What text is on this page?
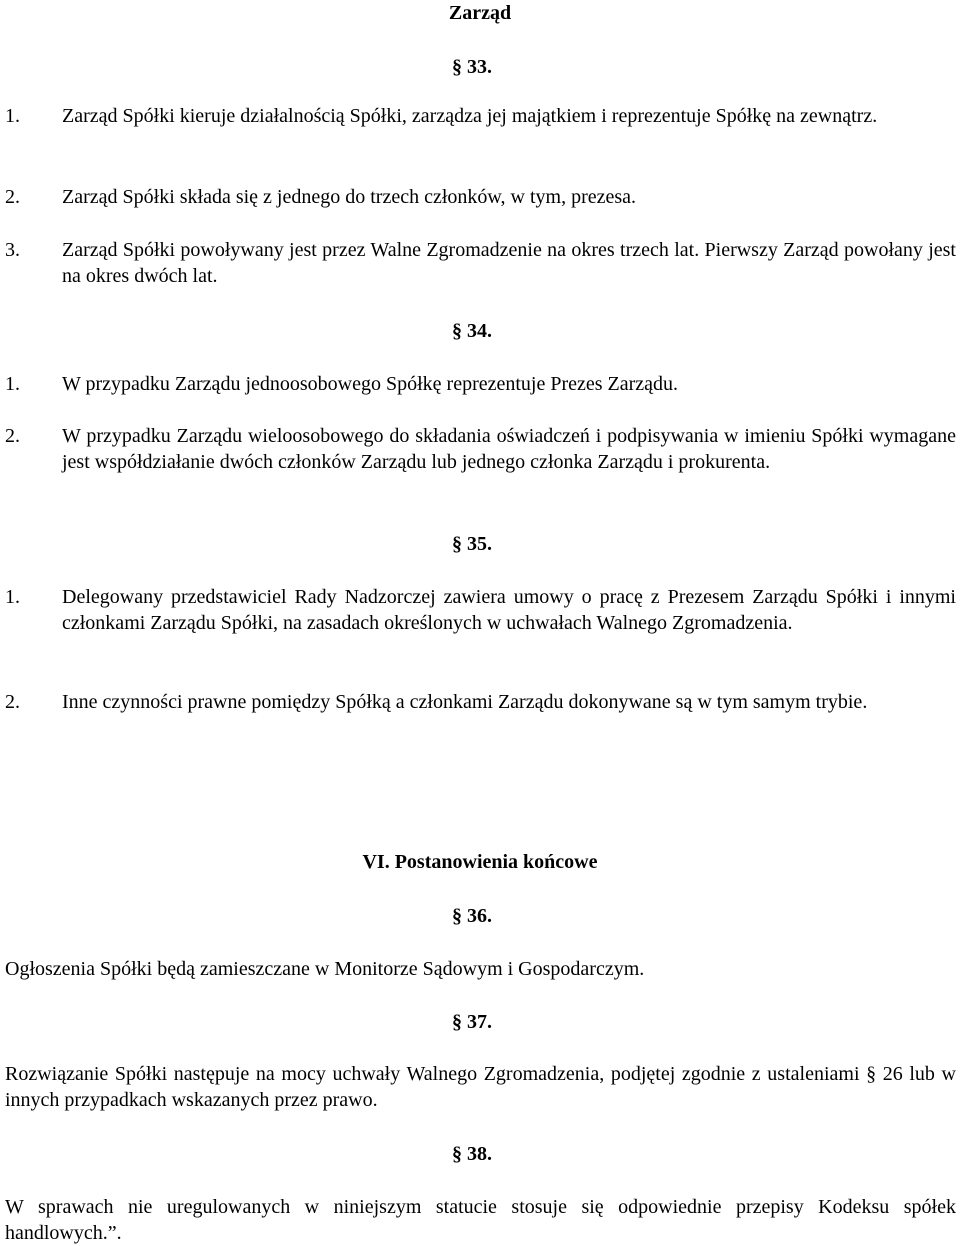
Zarząd
§ 33.
1. Zarząd Spółki kieruje działalnością Spółki, zarządza jej majątkiem i reprezentuje Spółkę na zewnątrz.
2. Zarząd Spółki składa się z jednego do trzech członków, w tym, prezesa.
3. Zarząd Spółki powoływany jest przez Walne Zgromadzenie na okres trzech lat. Pierwszy Zarząd powołany jest na okres dwóch lat.
§ 34.
1. W przypadku Zarządu jednoosobowego Spółkę reprezentuje Prezes Zarządu.
2. W przypadku Zarządu wieloosobowego do składania oświadczeń i podpisywania w imieniu Spółki wymagane jest współdziałanie dwóch członków Zarządu lub jednego członka Zarządu i prokurenta.
§ 35.
1. Delegowany przedstawiciel Rady Nadzorczej zawiera umowy o pracę z Prezesem Zarządu Spółki i innymi członkami Zarządu Spółki, na zasadach określonych w uchwałach Walnego Zgromadzenia.
2. Inne czynności prawne pomiędzy Spółką a członkami Zarządu dokonywane są w tym samym trybie.
VI. Postanowienia końcowe
§ 36.
Ogłoszenia Spółki będą zamieszczane w Monitorze Sądowym i Gospodarczym.
§ 37.
Rozwiązanie Spółki następuje na mocy uchwały Walnego Zgromadzenia, podjętej zgodnie z ustaleniami § 26 lub w innych przypadkach wskazanych przez prawo.
§ 38.
W sprawach nie uregulowanych w niniejszym statucie stosuje się odpowiednie przepisy Kodeksu spółek handlowych.”.
